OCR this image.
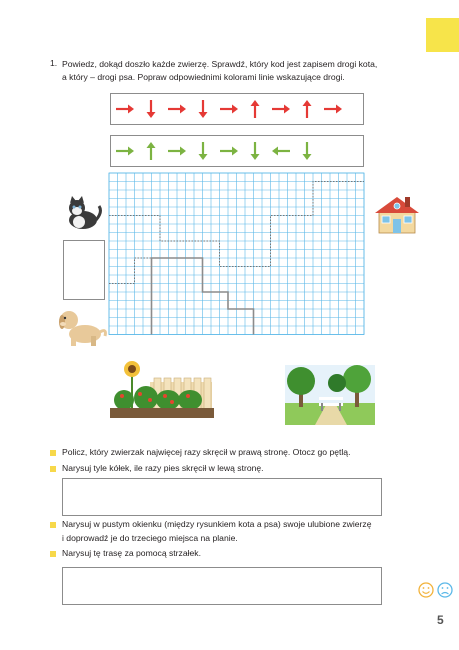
1. Powiedz, dokąd doszło każde zwierzę. Sprawdź, który kod jest zapisem drogi kota,
a który – drogi psa. Popraw odpowiednimi kolorami linie wskazujące drogi.
Policz, który zwierzak najwięcej razy skręcił w prawą stronę. Otocz go pętlą.
Narysuj tyle kółek, ile razy pies skręcił w lewą stronę.
Narysuj w pustym okienku (między rysunkiem kota a psa) swoje ulubione zwierzę
i doprowadź je do trzeciego miejsca na planie.
Narysuj tę trasę za pomocą strzałek.
5
